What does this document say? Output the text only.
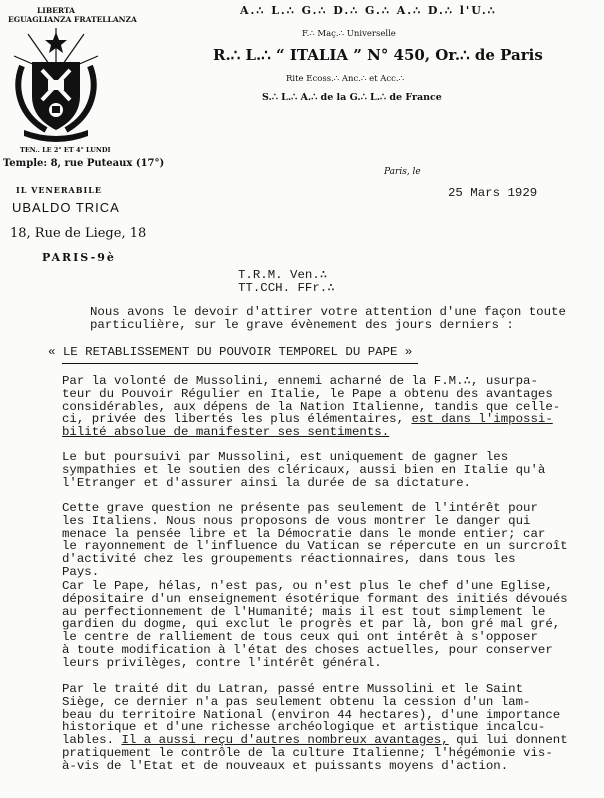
LIBERTA
EGUAGLIANZA FRATELLANZA
TEN.. LE 2° ET 4° LUNDI
Temple: 8, rue Puteaux (17°)
A.∴ L.∴ G.∴ D.∴ G.∴ A.∴ D.∴ l'U.∴
F.∴ Maç.∴ Universelle
R.∴ L.∴ “ ITALIA ” N° 450, Or.∴ de Paris
Rite Ecoss.∴ Anc.∴ et Acc.∴
S.∴ L.∴ A.∴ de la G.∴ L.∴ de France
IL VENERABILE
UBALDO TRICA
18, Rue de Liege, 18
PARIS-9è
Paris, le
25 Mars 1929
T.R.M. Ven.∴
TT.CCH. FFr.∴
Nous avons le devoir d'attirer votre attention d'une façon toute
particulière, sur le grave évènement des jours derniers :
« LE RETABLISSEMENT DU POUVOIR TEMPOREL DU PAPE »
Par la volonté de Mussolini, ennemi acharné de la F.M.∴, usurpa-
teur du Pouvoir Régulier en Italie, le Pape a obtenu des avantages
considérables, aux dépens de la Nation Italienne, tandis que celle-
ci, privée des libertés les plus élémentaires, est dans l'impossi-
bilité absolue de manifester ses sentiments.
Le but poursuivi par Mussolini, est uniquement de gagner les
sympathies et le soutien des cléricaux, aussi bien en Italie qu'à
l'Etranger et d'assurer ainsi la durée de sa dictature.
Cette grave question ne présente pas seulement de l'intérêt pour
les Italiens. Nous nous proposons de vous montrer le danger qui
menace la pensée libre et la Démocratie dans le monde entier; car
le rayonnement de l'influence du Vatican se répercute en un surcroît
d'activité chez les groupements réactionnaires, dans tous les
Pays.
Car le Pape, hélas, n'est pas, ou n'est plus le chef d'une Eglise,
dépositaire d'un enseignement ésotérique formant des initiés dévoués
au perfectionnement de l'Humanité; mais il est tout simplement le
gardien du dogme, qui exclut le progrès et par là, bon gré mal gré,
le centre de ralliement de tous ceux qui ont intérêt à s'opposer
à toute modification à l'état des choses actuelles, pour conserver
leurs privilèges, contre l'intérêt général.
Par le traité dit du Latran, passé entre Mussolini et le Saint
Siège, ce dernier n'a pas seulement obtenu la cession d'un lam-
beau du territoire National (environ 44 hectares), d'une importance
historique et d'une richesse archéologique et artistique incalcu-
lables. Il a aussi reçu d'autres nombreux avantages, qui lui donnent
pratiquement le contrôle de la culture Italienne; l'hégémonie vis-
à-vis de l'Etat et de nouveaux et puissants moyens d'action.
